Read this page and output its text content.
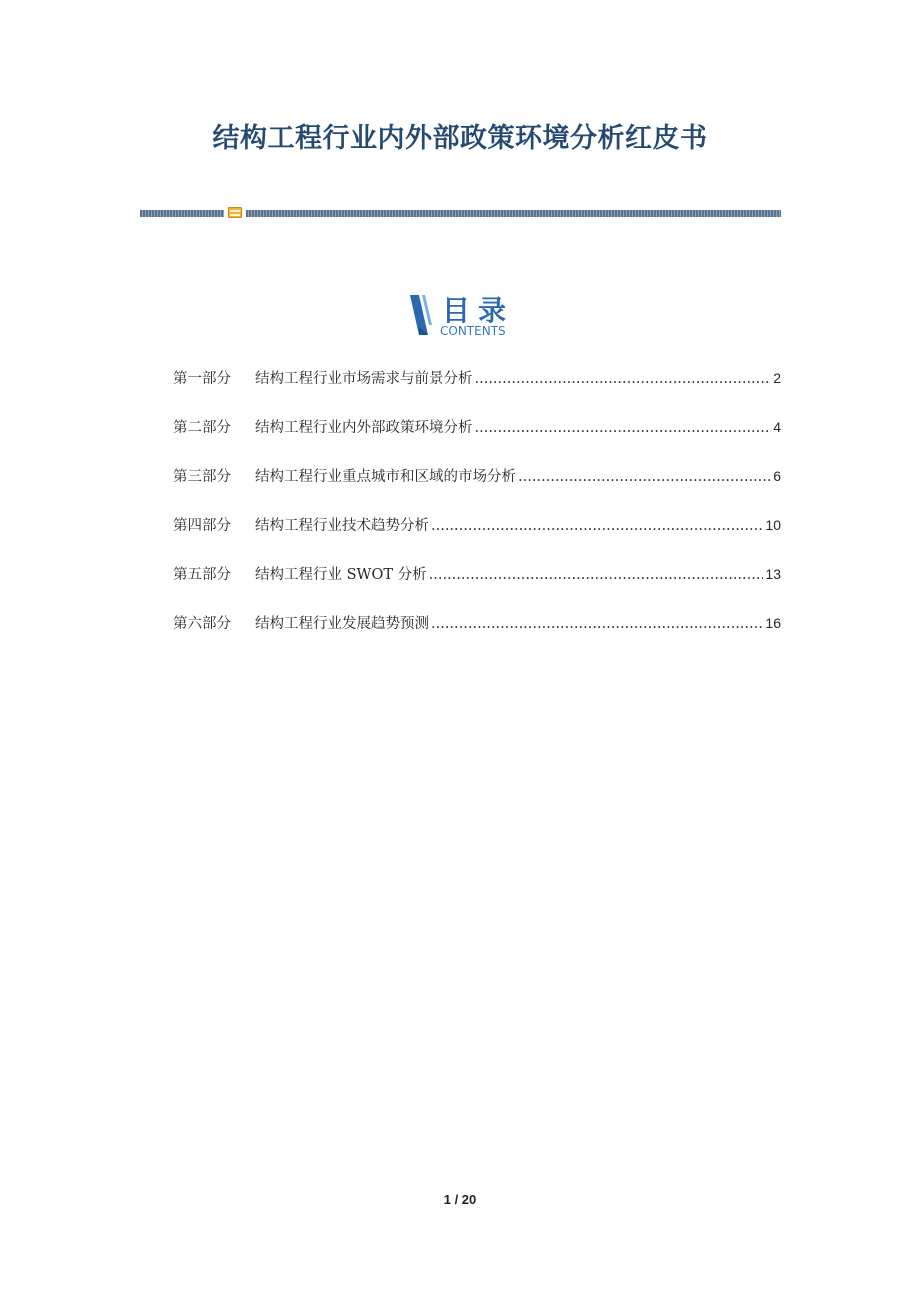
结构工程行业内外部政策环境分析红皮书
目录
CONTENTS
第一部分	结构工程行业市场需求与前景分析 .....	2
第二部分	结构工程行业内外部政策环境分析 .....	4
第三部分	结构工程行业重点城市和区域的市场分析 .....	6
第四部分	结构工程行业技术趋势分析 .....	10
第五部分	结构工程行业 SWOT 分析 .....	13
第六部分	结构工程行业发展趋势预测 .....	16
1 / 20
